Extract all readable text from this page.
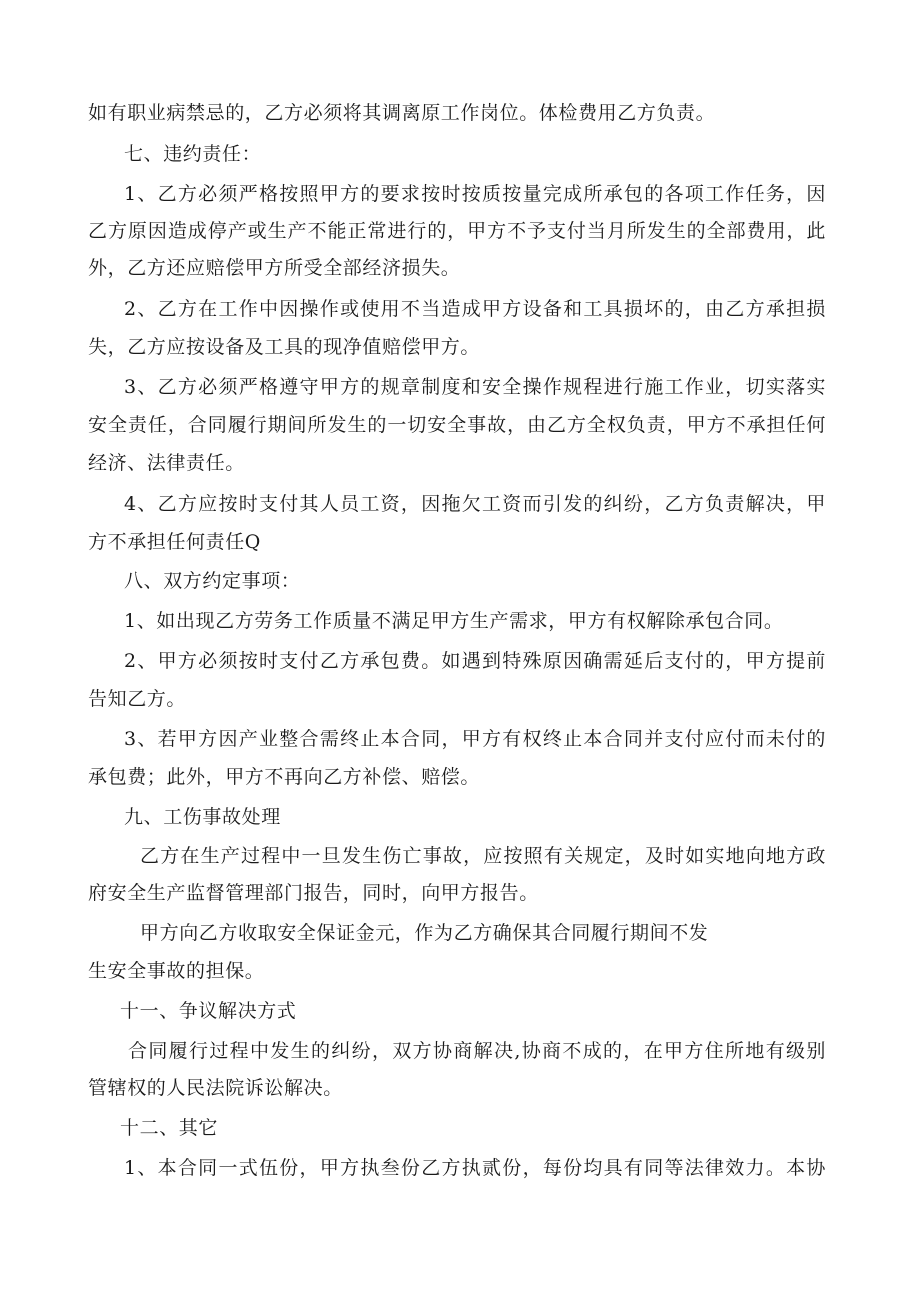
如有职业病禁忌的，乙方必须将其调离原工作岗位。体检费用乙方负责。

七、违约责任：

1、乙方必须严格按照甲方的要求按时按质按量完成所承包的各项工作任务，因

乙方原因造成停产或生产不能正常进行的，甲方不予支付当月所发生的全部费用，此

外，乙方还应赔偿甲方所受全部经济损失。

2、乙方在工作中因操作或使用不当造成甲方设备和工具损坏的，由乙方承担损

失，乙方应按设备及工具的现净值赔偿甲方。

3、乙方必须严格遵守甲方的规章制度和安全操作规程进行施工作业，切实落实

安全责任，合同履行期间所发生的一切安全事故，由乙方全权负责，甲方不承担任何

经济、法律责任。

4、乙方应按时支付其人员工资，因拖欠工资而引发的纠纷，乙方负责解决，甲

方不承担任何责任Q

八、双方约定事项：

1、如出现乙方劳务工作质量不满足甲方生产需求，甲方有权解除承包合同。

2、甲方必须按时支付乙方承包费。如遇到特殊原因确需延后支付的，甲方提前

告知乙方。

3、若甲方因产业整合需终止本合同，甲方有权终止本合同并支付应付而未付的

承包费；此外，甲方不再向乙方补偿、赔偿。

九、工伤事故处理

乙方在生产过程中一旦发生伤亡事故，应按照有关规定，及时如实地向地方政

府安全生产监督管理部门报告，同时，向甲方报告。

甲方向乙方收取安全保证金元，作为乙方确保其合同履行期间不发

生安全事故的担保。

十一、争议解决方式

合同履行过程中发生的纠纷，双方协商解决,协商不成的，在甲方住所地有级别

管辖权的人民法院诉讼解决。

十二、其它

1、本合同一式伍份，甲方执叁份乙方执贰份，每份均具有同等法律效力。本协
